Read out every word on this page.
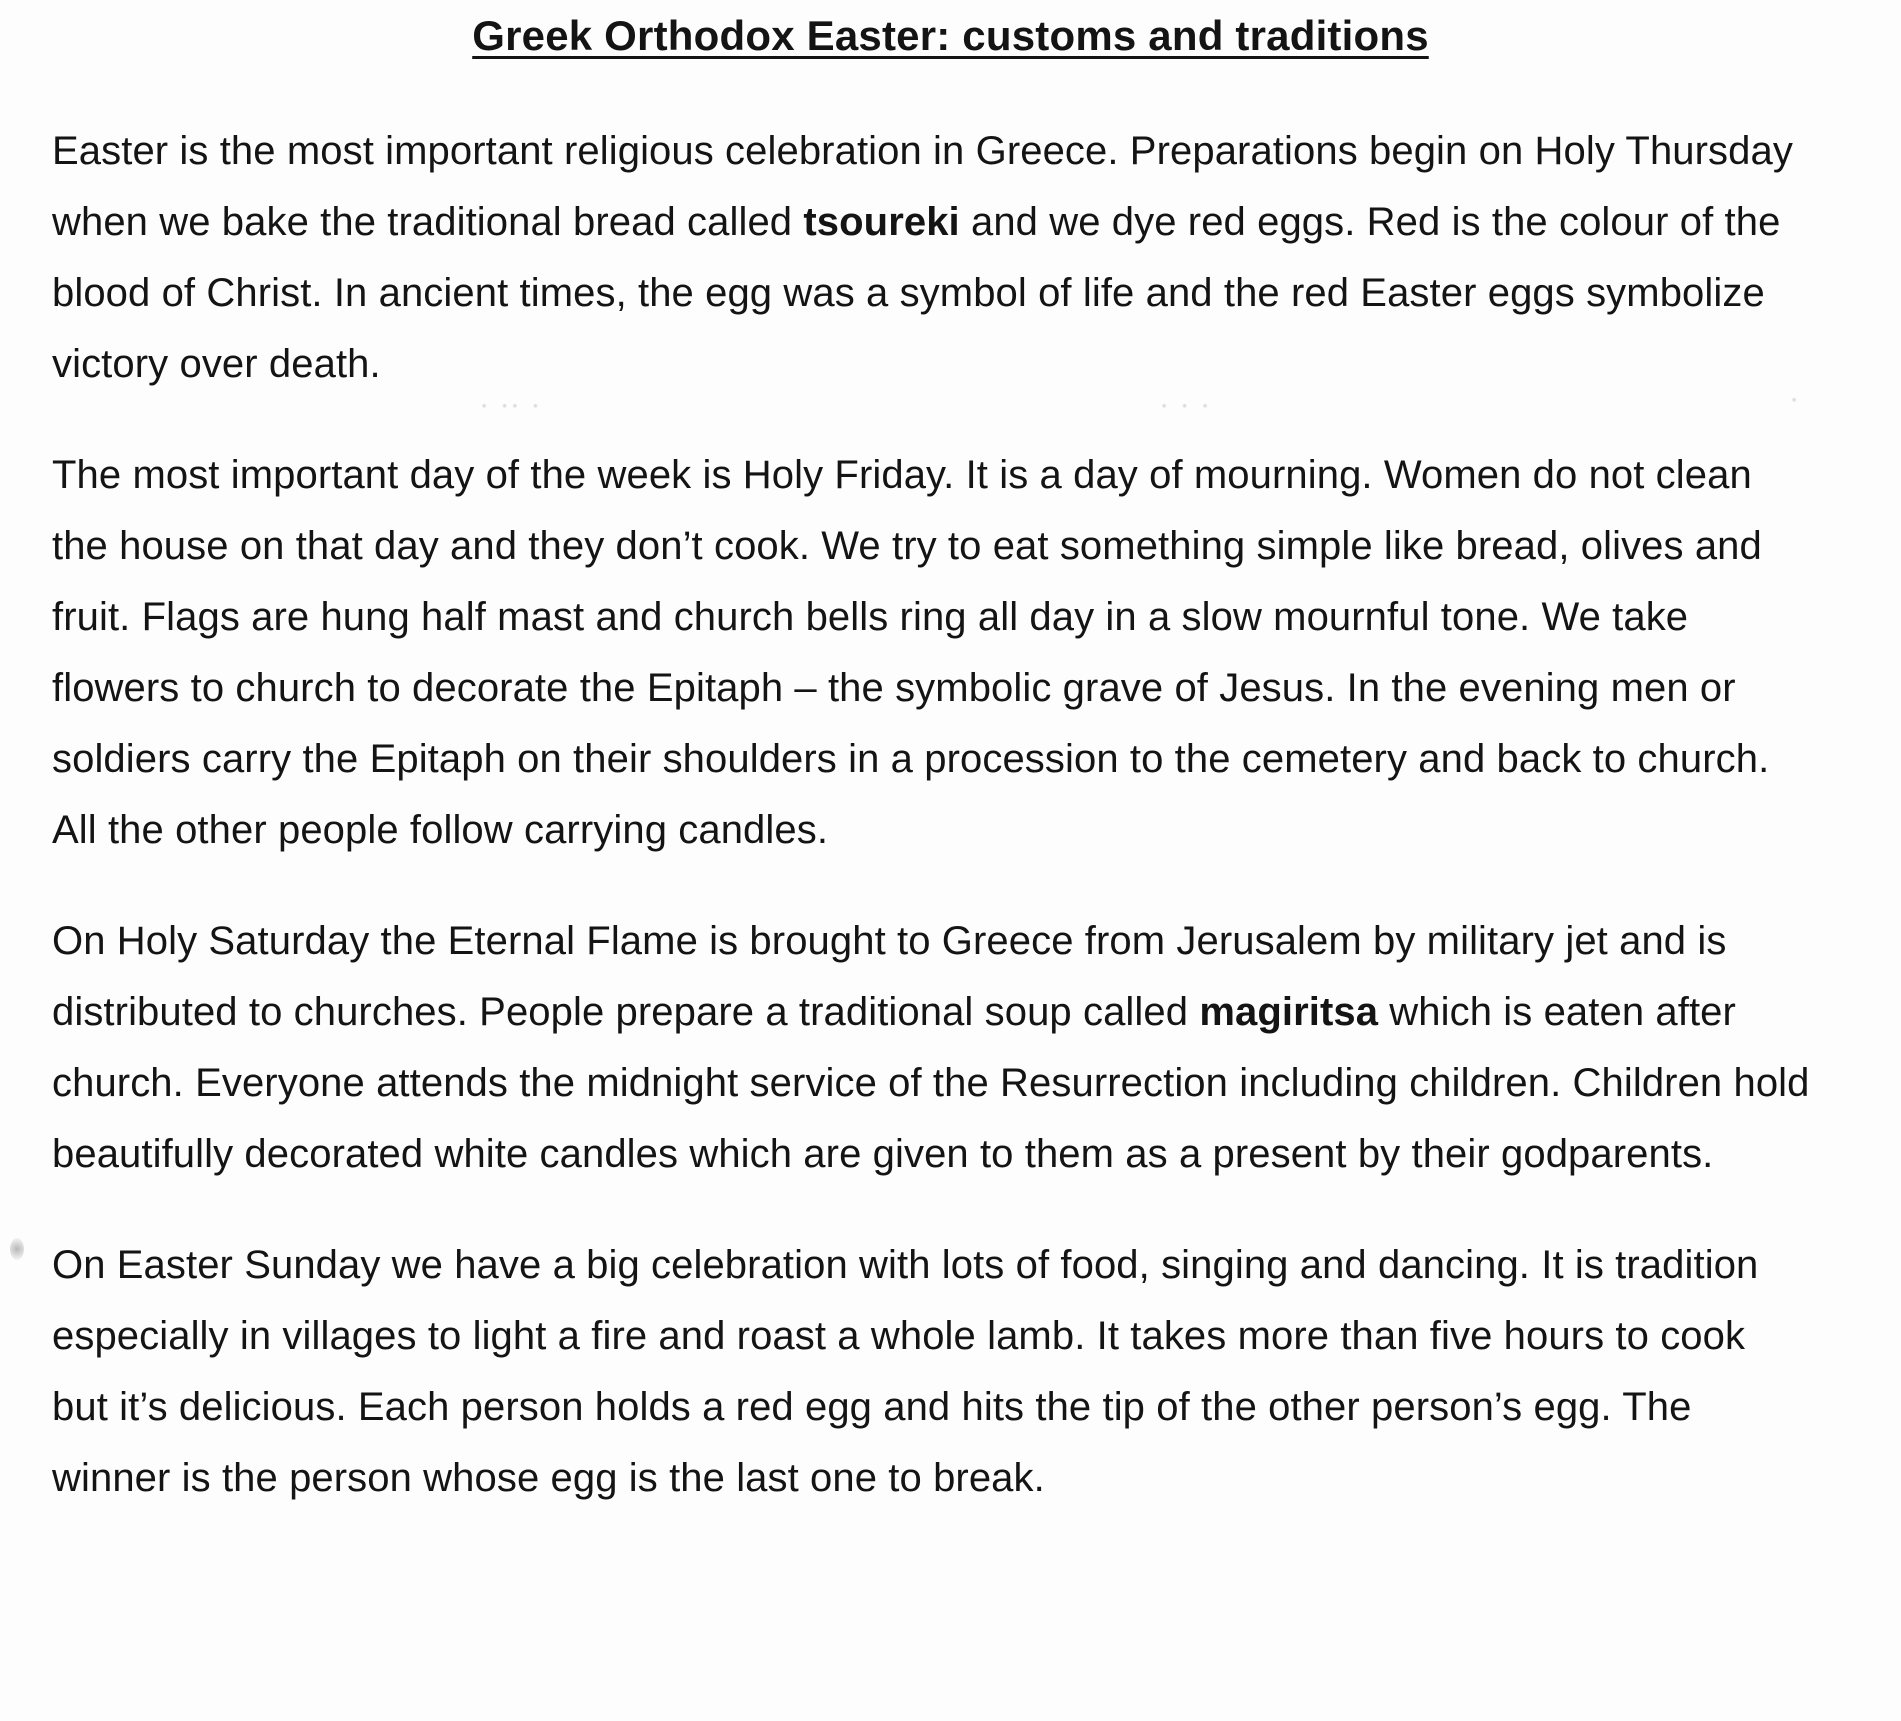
Greek Orthodox Easter: customs and traditions
· ·· ·	· · ·	·

Easter is the most important religious celebration in Greece. Preparations begin on Holy Thursday when we bake the traditional bread called tsoureki and we dye red eggs. Red is the colour of the blood of Christ. In ancient times, the egg was a symbol of life and the red Easter eggs symbolize victory over death.

The most important day of the week is Holy Friday. It is a day of mourning. Women do not clean the house on that day and they don’t cook. We try to eat something simple like bread, olives and fruit. Flags are hung half mast and church bells ring all day in a slow mournful tone. We take flowers to church to decorate the Epitaph – the symbolic grave of Jesus. In the evening men or soldiers carry the Epitaph on their shoulders in a procession to the cemetery and back to church. All the other people follow carrying candles.

On Holy Saturday the Eternal Flame is brought to Greece from Jerusalem by military jet and is distributed to churches. People prepare a traditional soup called magiritsa which is eaten after church. Everyone attends the midnight service of the Resurrection including children. Children hold beautifully decorated white candles which are given to them as a present by their godparents.

On Easter Sunday we have a big celebration with lots of food, singing and dancing. It is tradition especially in villages to light a fire and roast a whole lamb. It takes more than five hours to cook but it’s delicious. Each person holds a red egg and hits the tip of the other person’s egg. The winner is the person whose egg is the last one to break.
